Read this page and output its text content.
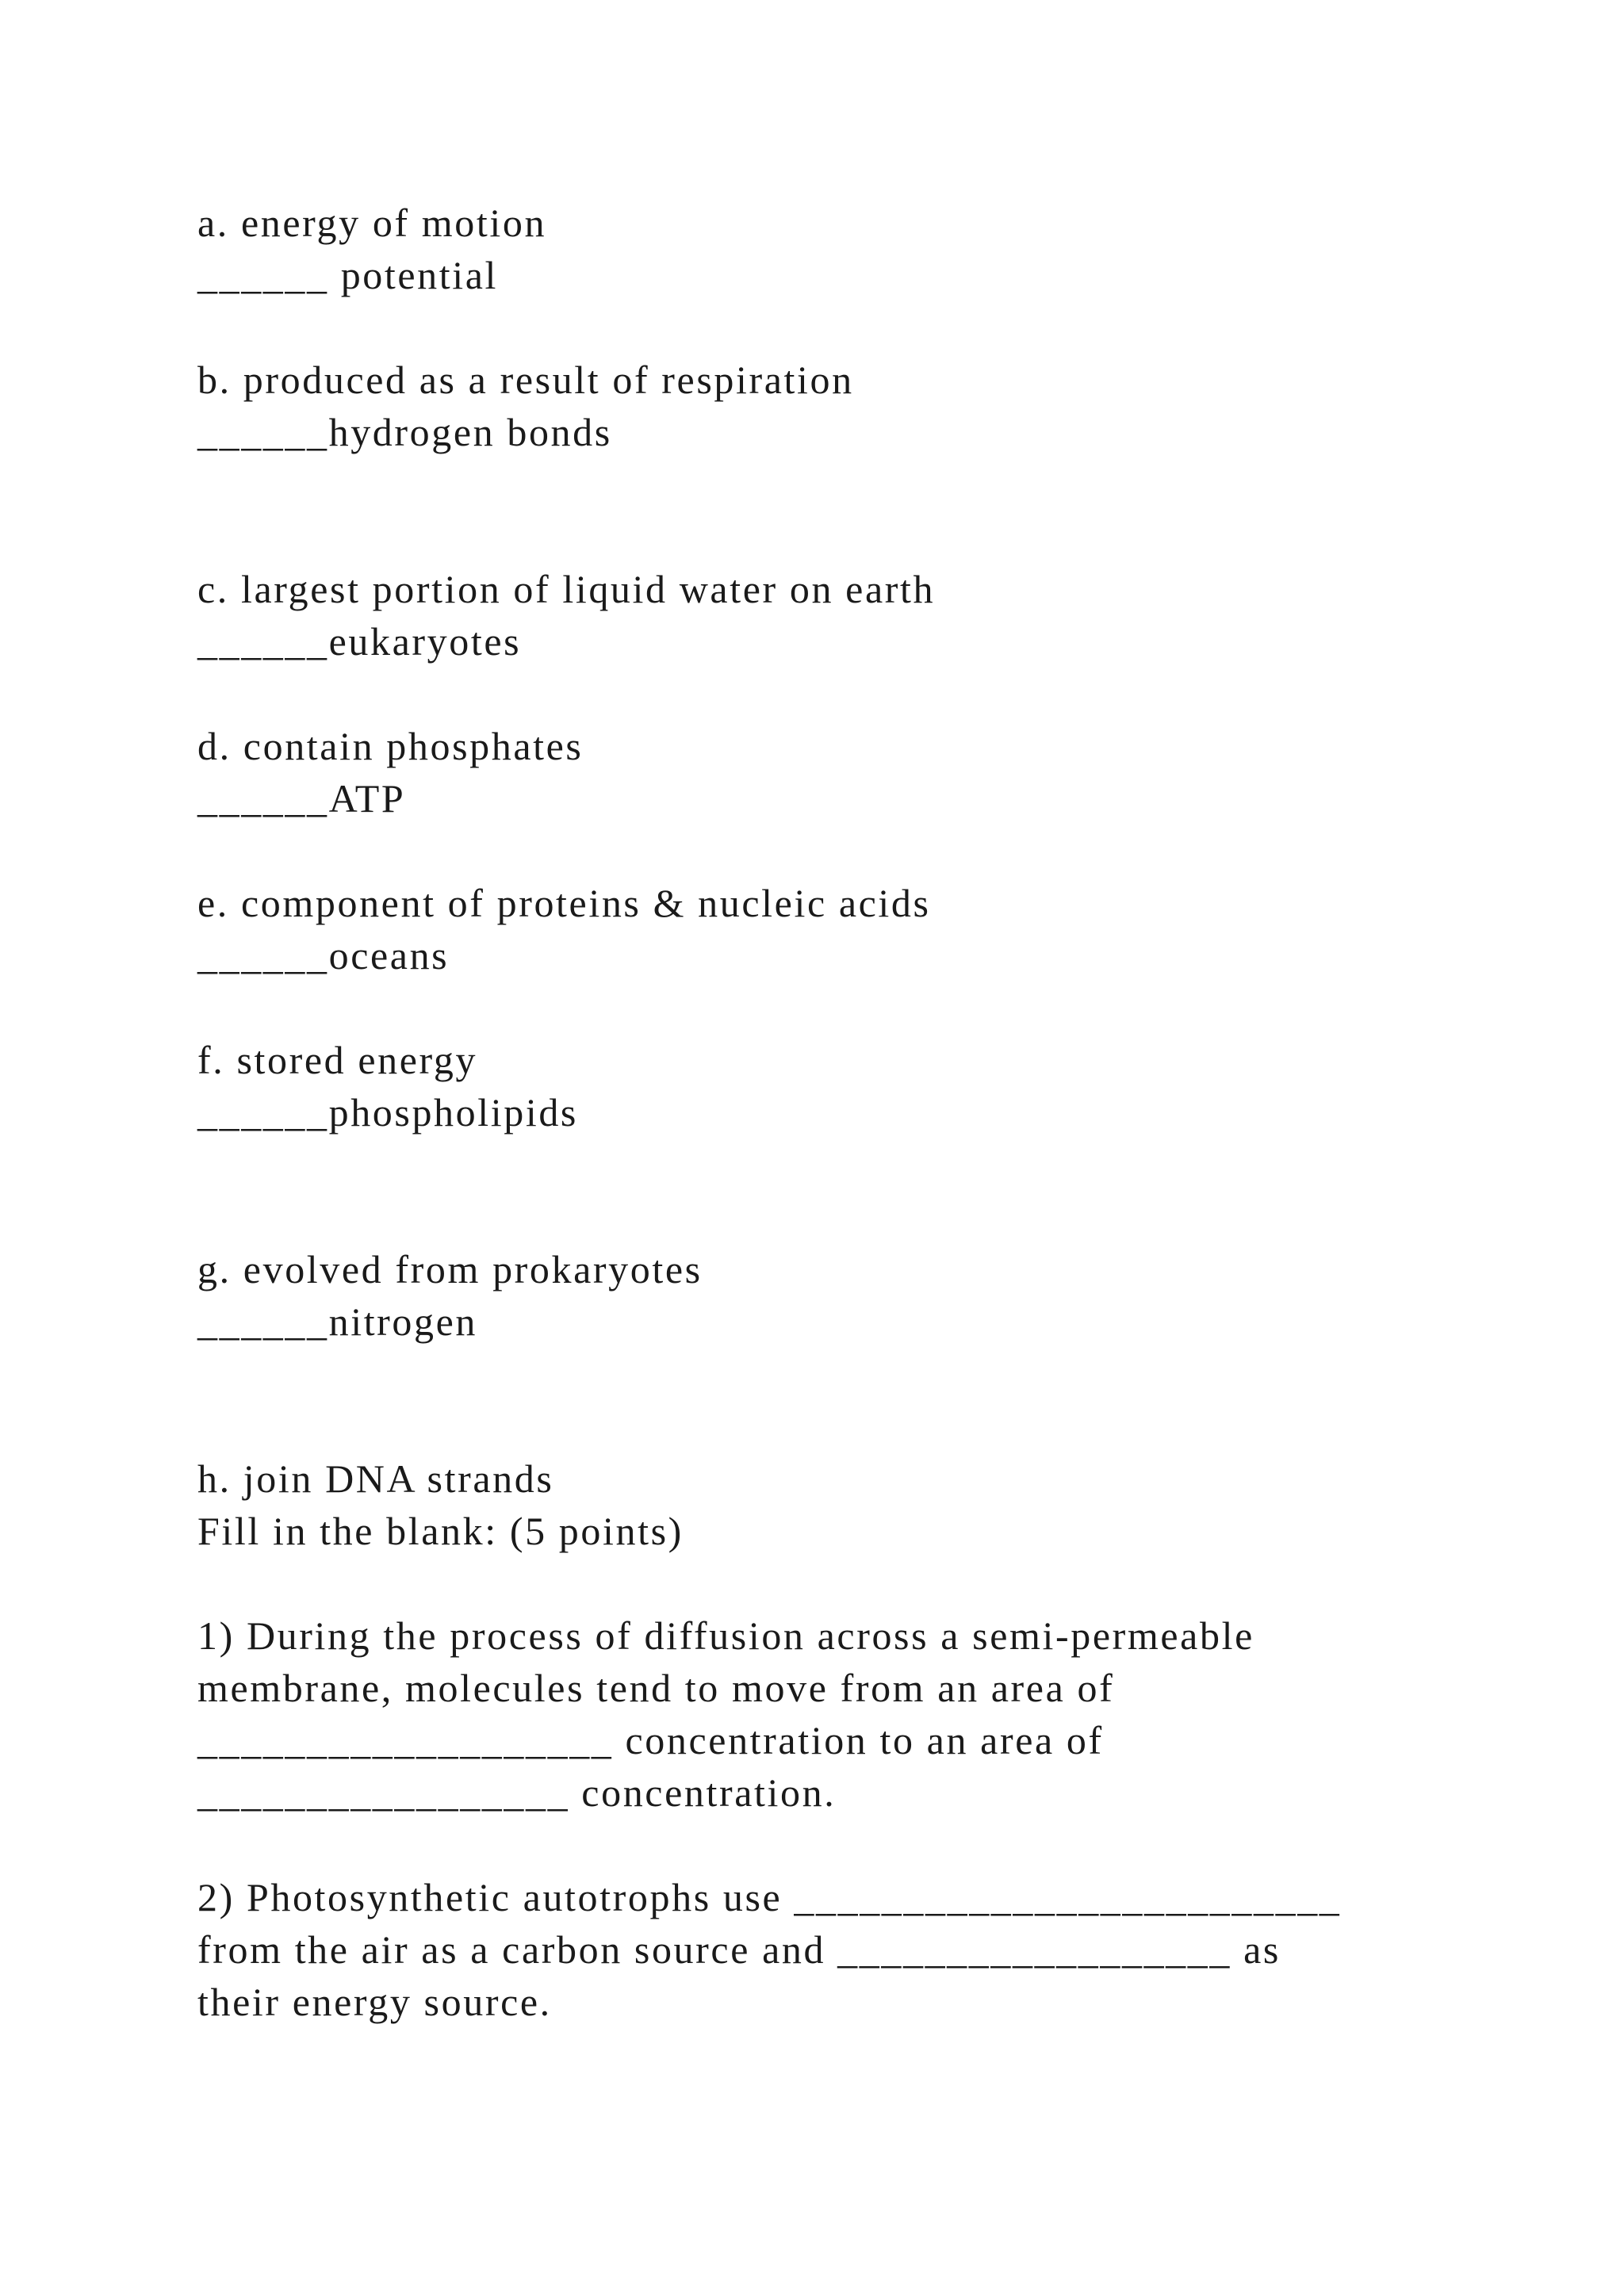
a. energy of motion

______ potential

b. produced as a result of respiration

______hydrogen bonds

c. largest portion of liquid water on earth

______eukaryotes

d. contain phosphates

______ATP

e. component of proteins & nucleic acids

______oceans

f. stored energy

______phospholipids

g. evolved from prokaryotes

______nitrogen

h. join DNA strands

Fill in the blank: (5 points)

1) During the process of diffusion across a semi-permeable

membrane, molecules tend to move from an area of

___________________ concentration to an area of

_________________ concentration.

2) Photosynthetic autotrophs use _________________________

from the air as a carbon source and __________________ as

their energy source.
